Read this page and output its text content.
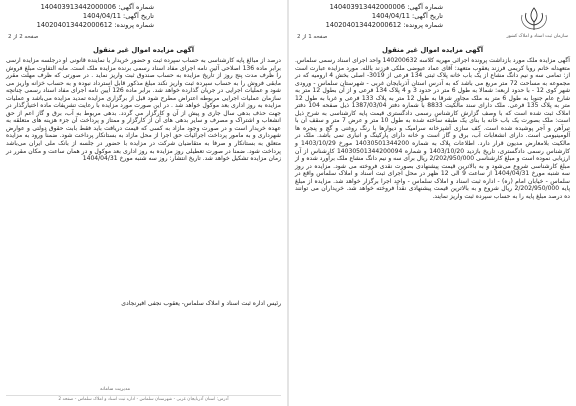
شماره آگهی: 140403913442000006
تاریخ آگهی: 1404/04/11
شماره پرونده: 140204013442000612
صفحه 2 از 2
آگهی مزایده اموال غیر منقول
درصد از مبالغ پایه کارشناسی به حساب سپرده ثبت و حضور خریدار یا نماینده قانونی او درجلسه مزایده ارسی برابر ماده 136 اصلاحی آئین نامه اجرای مفاد اسناد رسمی برنده مزایده ملک است. مابه التفاوت مبلغ فروش را ظرف مدت پنج روز از تاریخ مزایده به حساب صندوق ثبت واریز نماید . در صورتی که ظرف مهلت مقرر مابقی فروش را به حساب سپرده ثبت واریز نکند مبلغ مذکور قابل استرداد نبوده و به حساب خزانه واریز می شود و عملیات اجرایی در جریان گذارده خواهد شد. برابر ماده 126 آیین نامه اجرای مفاد اسناد رسمی چنانچه سازمان عملیات اجرایی مربوطه اعتراض مطرح شود قبل از برگزاری مزایده تمدید مزایده می‌باشد و عملیات مزایده به روز اداری بعد موکول خواهد شد . در این صورت مورد مزایده با رعایت تشریفات ماده اختیارگذار در جهت حذف بدهی سال جاری و پیش از آن و کارگزار می گردد. بدهی مربوط به آب، برق و گاز اعم از حق انشعاب و اشتراک و مصرف و سایر بدهی های آن از کارگزار و ممتاز و پرداخت آن جزء هزینه های متعلقه به عهده خریدار است و در صورت وجود مازاد به کسی که قیمت دریافت باید فقط بابت حقوق دولتی و عوارض شهرداری و به مامور پرداخت اجرائیات حق اجرا از محل مازاد به بستانکار پرداخت شود. ضمناً ورود به مزایده متعلق به بستانکار و صرفا به متقاضیان شرکت در مزایده با حضور در جلسه از بانک ملی ایران می‌باشد پرداخت شود. ضمنا در صورت تعطیلی روز مزایده به روز اداری بعد موکول و در همان ساعت و مکان مقرر در زمان مزایده تشکیل خواهد شد. تاریخ انتشار: روز سه شنبه مورخ 1404/04/31
رئیس اداره ثبت اسناد و املاک سلماس- یعقوب نجفی افیرنجادی
مدیریت سامانه
آدرس: استان آذربایجان غربی - شهرستان سلماس - اداره ثبت اسناد و املاک سلماس - صفحه 2
شماره آگهی: 140403913442000006
تاریخ آگهی: 1404/04/11
شماره پرونده: 140204013442000612
صفحه 1 از 2	سازمان ثبت اسناد و املاک کشور
آگهی مزایده اموال غیر منقول
آگهی مزایده ملک مورد بازداشت پرونده اجرائی مهریه کلاسه 140200632 واحد اجرای اسناد رسمی سلماس. متعهدله خانم رویا کریمی فرزند یعقوب متعهد: آقای عماد عیوضی ملکی فرزند بالله. مورد مزایده عبارت است از: تمامی سه و نیم دانگ مشاع از یک باب خانه پلاک ثبتی 134 فرعی از 3019- اصلی بخش 4 ارومیه که در مجموعه به مساحت 72 متر مربع می باشد که به آدرس استان آذربایجان غربی - شهرستان سلماس - ورودی شهر کوی 12 - با حدود اربعه: شمالا به طول 6 متر در حدود 3 و 4 پلاک 134 فرعی و از آن بطول 12 متر به شارع عام جنوبا به طول 6 متر به ملک مجاور شرقا به طول 12 متر به پلاک 133 فرعی و غربا به طول 12 متر به پلاک 135 فرعی. ملک دارای سند مالکیت 8833 با شماره دفتر 1387/03/04 ذیل صفحه 104 دفتر املاک ثبت شده است که با وصف گزارش کارشناس رسمی دادگستری قیمت پایه کارشناسی به شرح ذیل است: ملک بصورت یک باب خانه با بنای یک طبقه ساخته شده به طول 10 متر و عرض 7 متر و سقف آن با تیرآهن و آجر پوشیده شده است. کف سازی آشپزخانه سرامیک و دیوارها با رنگ روغنی و گچ و پنجره ها آلومینیومی است. دارای انشعابات آب، برق و گاز است و خانه دارای پارکینگ و انباری نمی باشد. ملک در مالکیت بلامعارض مدیون قرار دارد. اطلاعات پلاک به شماره 14030501344200 مورخ 1403/10/29 و کارشناس رسمی دادگستری، تاریخ بازدید 1403/10/20 و شماره 14030501344200094 کارشناس از آن ارزیابی نموده است و مبلغ کارشناسی 2/202/950/000 ریال برای سه و نیم دانگ مشاع ملک برآورد شده و از مبلغ کارشناسی شروع می‌شود و به بالاترین قیمت پیشنهادی بصورت نقدی فروخته می شود. مزایده در روز سه شنبه مورخ 1404/04/31 از ساعت 9 الی 12 ظهر در محل اجرای ثبت اسناد و املاک سلماس واقع در سلماس - خیابان امام (ره) - اداره ثبت اسناد و املاک سلماس - واحد اجرا برگزار خواهد شد. مزایده از مبلغ پایه 2/202/950/000 ریال شروع و به بالاترین قیمت پیشنهادی نقداً فروخته خواهد شد. خریداران می توانند ده درصد مبلغ پایه را به حساب سپرده ثبت واریز نمایند.
